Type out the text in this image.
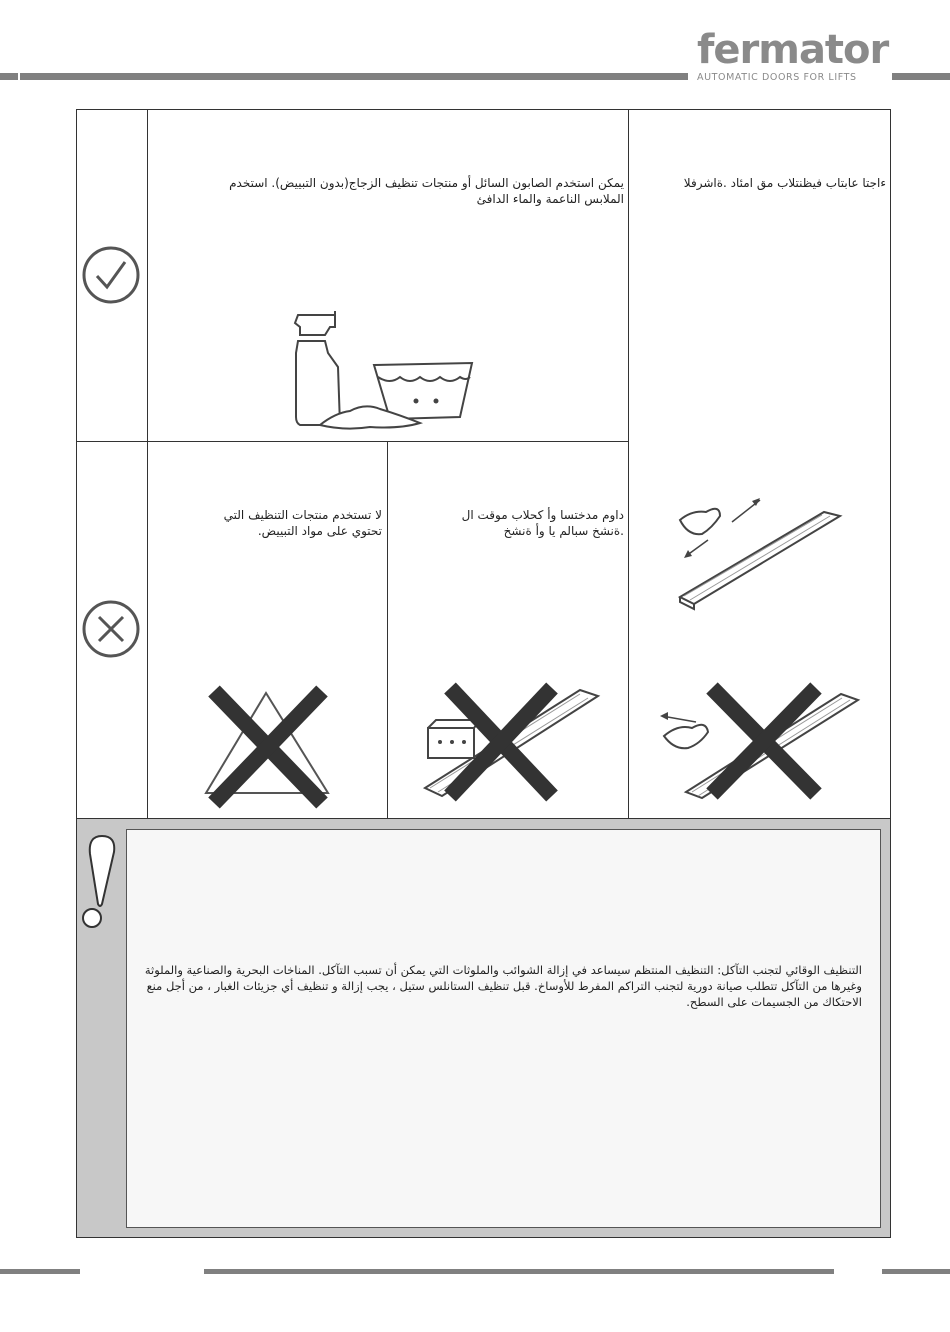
fermator
AUTOMATIC DOORS FOR LIFTS
يمكن استخدم الصابون السائل أو منتجات تنظيف الزجاج(بدون التبييض). استخدم الملابس الناعمة والماء الدافئ
ءاجتا عابتاب فيظنتلاب مق امئاد .ةاشرفلا
لا تستخدم منتجات التنظيف التي تحتوي على مواد التبييض.
داوم مدختسا وأ كحلاب موقت ال .ةنشخ سبالم يا وأ ةنشخ
التنظيف الوقائي لتجنب التآكل: التنظيف المنتظم سيساعد في إزالة الشوائب والملوثات التي يمكن أن تسبب التآكل. المناخات البحرية والصناعية والملوثة وغيرها من التآكل تتطلب صيانة دورية لتجنب التراكم المفرط للأوساخ. قبل تنظيف الستانلس ستيل ، يجب إزالة و تنظيف أي جزيئات الغبار ، من أجل منع الاحتكاك من الجسيمات على السطح.
